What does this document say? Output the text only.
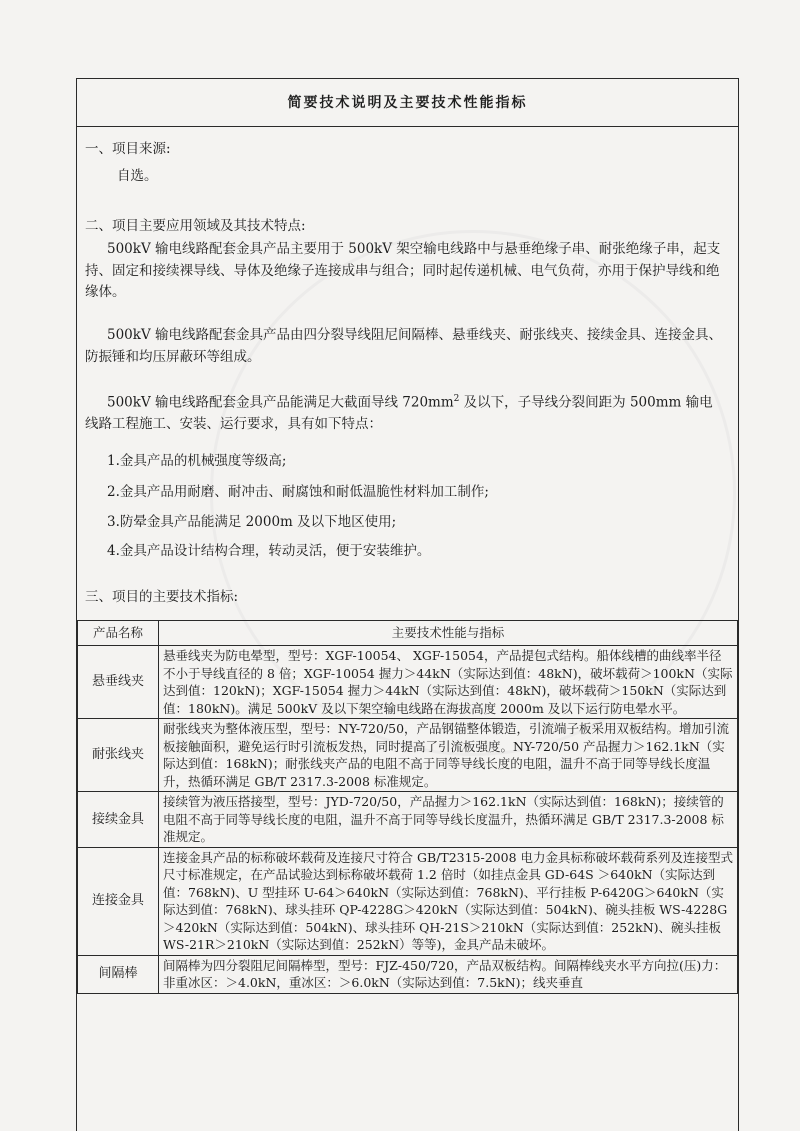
简要技术说明及主要技术性能指标
一、项目来源:
自选。
二、项目主要应用领域及其技术特点:
500kV 输电线路配套金具产品主要用于 500kV 架空输电线路中与悬垂绝缘子串、耐张绝缘子串，起支持、固定和接续裸导线、导体及绝缘子连接成串与组合；同时起传递机械、电气负荷，亦用于保护导线和绝缘体。
500kV 输电线路配套金具产品由四分裂导线阻尼间隔棒、悬垂线夹、耐张线夹、接续金具、连接金具、防振锤和均压屏蔽环等组成。
500kV 输电线路配套金具产品能满足大截面导线 $720mm^2$ 及以下，子导线分裂间距为 500mm 输电线路工程施工、安装、运行要求，具有如下特点：
1.金具产品的机械强度等级高;
2.金具产品用耐磨、耐冲击、耐腐蚀和耐低温脆性材料加工制作;
3.防晕金具产品能满足 2000m 及以下地区使用;
4.金具产品设计结构合理，转动灵活，便于安装维护。
三、项目的主要技术指标:
产品名称	主要技术性能与指标
悬垂线夹	悬垂线夹为防电晕型，型号：XGF-10054、 XGF-15054，产品提包式结构。船体线槽的曲线率半径不小于导线直径的 8 倍；XGF-10054 握力＞44kN（实际达到值：48kN)，破坏载荷＞100kN（实际达到值：120kN)；XGF-15054 握力＞44kN（实际达到值：48kN)，破坏载荷＞150kN（实际达到值：180kN)。满足 500kV 及以下架空输电线路在海拔高度 2000m 及以下运行防电晕水平。
耐张线夹	耐张线夹为整体液压型，型号：NY-720/50，产品钢锚整体锻造，引流端子板采用双板结构。增加引流板接触面积，避免运行时引流板发热，同时提高了引流板强度。NY-720/50 产品握力＞162.1kN（实际达到值：168kN)；耐张线夹产品的电阻不高于同等导线长度的电阻，温升不高于同等导线长度温升，热循环满足 GB/T 2317.3-2008 标准规定。
接续金具	接续管为液压搭接型，型号：JYD-720/50，产品握力＞162.1kN（实际达到值：168kN)；接续管的电阻不高于同等导线长度的电阻，温升不高于同等导线长度温升，热循环满足 GB/T 2317.3-2008 标准规定。
连接金具	连接金具产品的标称破坏载荷及连接尺寸符合 GB/T2315-2008 电力金具标称破坏载荷系列及连接型式尺寸标准规定，在产品试验达到标称破坏载荷 1.2 倍时（如挂点金具 GD-64S ＞640kN（实际达到值：768kN)、U 型挂环 U-64＞640kN（实际达到值：768kN)、平行挂板 P-6420G＞640kN（实际达到值：768kN)、球头挂环 QP-4228G＞420kN（实际达到值：504kN)、碗头挂板 WS-4228G＞420kN（实际达到值：504kN)、球头挂环 QH-21S＞210kN（实际达到值：252kN)、碗头挂板 WS-21R＞210kN（实际达到值：252kN）等等)，金具产品未破坏。
间隔棒	间隔棒为四分裂阻尼间隔棒型，型号：FJZ-450/720，产品双板结构。间隔棒线夹水平方向拉(压)力：非重冰区：＞4.0kN，重冰区：＞6.0kN（实际达到值：7.5kN)；线夹垂直
